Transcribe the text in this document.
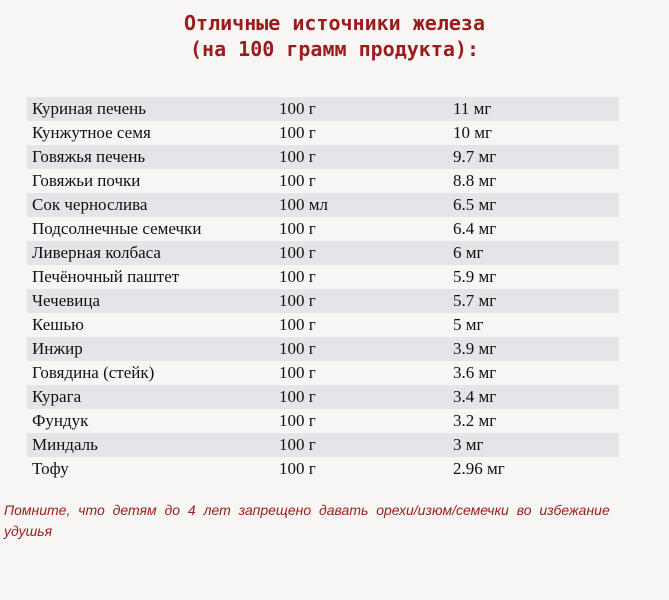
Отличные источники железа
(на 100 грамм продукта):
Куриная печень	100 г	11 мг
Кунжутное семя	100 г	10 мг
Говяжья печень	100 г	9.7 мг
Говяжьи почки	100 г	8.8 мг
Сок чернослива	100 мл	6.5 мг
Подсолнечные семечки	100 г	6.4 мг
Ливерная колбаса	100 г	6 мг
Печёночный паштет	100 г	5.9 мг
Чечевица	100 г	5.7 мг
Кешью	100 г	5 мг
Инжир	100 г	3.9 мг
Говядина (стейк)	100 г	3.6 мг
Курага	100 г	3.4 мг
Фундук	100 г	3.2 мг
Миндаль	100 г	3 мг
Тофу	100 г	2.96 мг
Помните, что детям до 4 лет запрещено давать орехи/изюм/семечки во избежание удушья
